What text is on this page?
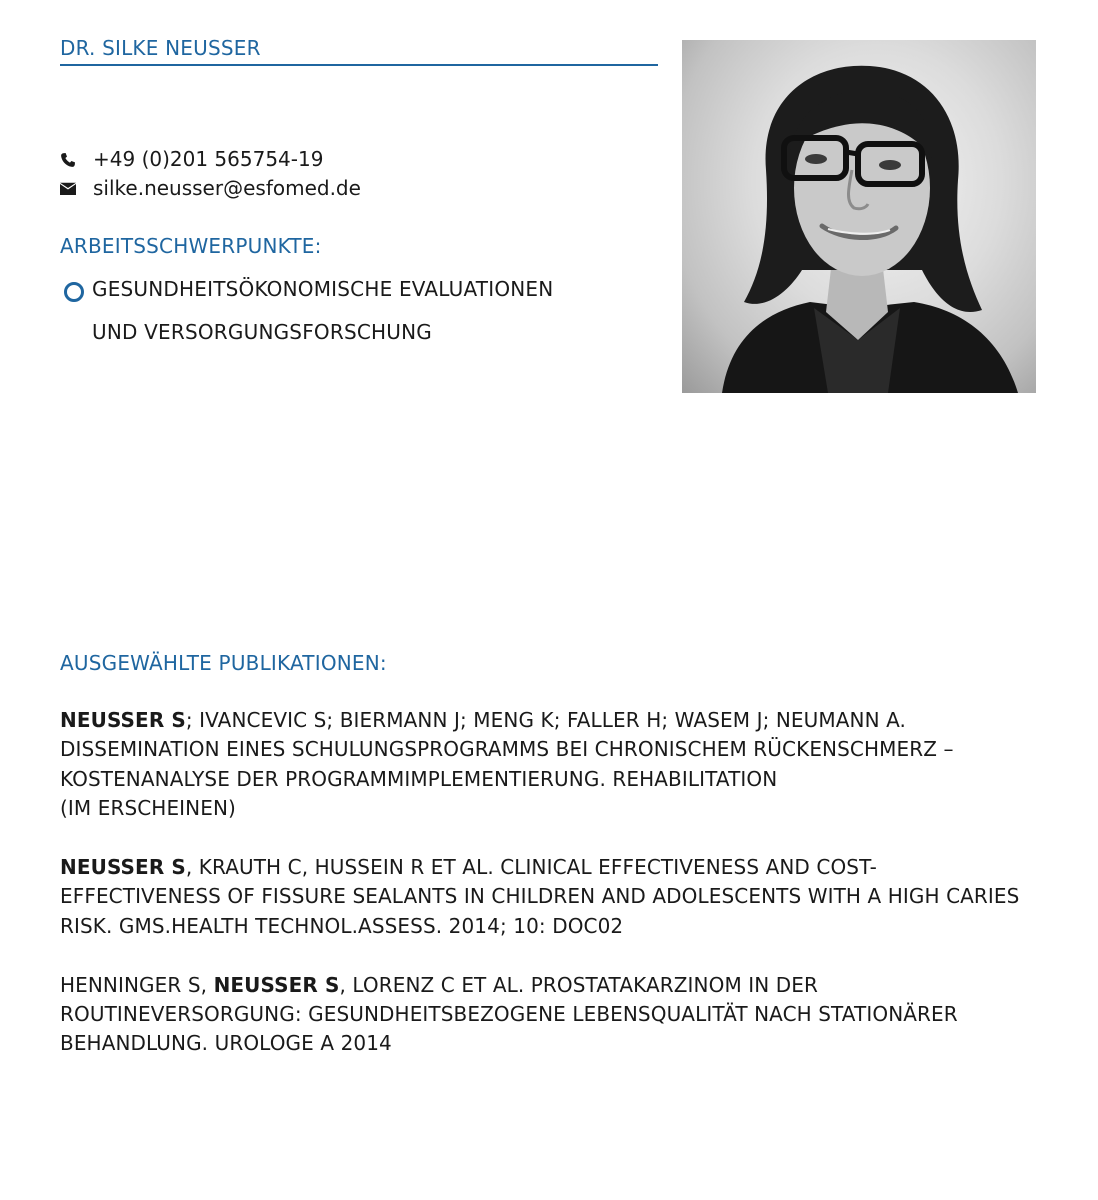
DR. SILKE NEUSSER
+49 (0)201 565754-19
silke.neusser@esfomed.de
ARBEITSSCHWERPUNKTE:
GESUNDHEITSÖKONOMISCHE EVALUATIONEN
UND VERSORGUNGSFORSCHUNG
AUSGEWÄHLTE PUBLIKATIONEN:
NEUSSER S; IVANCEVIC S; BIERMANN J; MENG K; FALLER H; WASEM J; NEUMANN A. DISSEMINATION EINES SCHULUNGSPROGRAMMS BEI CHRONISCHEM RÜCKENSCHMERZ – KOSTENANALYSE DER PROGRAMMIMPLEMENTIERUNG. REHABILITATION
(IM ERSCHEINEN)
NEUSSER S, KRAUTH C, HUSSEIN R ET AL. CLINICAL EFFECTIVENESS AND COST-EFFECTIVENESS OF FISSURE SEALANTS IN CHILDREN AND ADOLESCENTS WITH A HIGH CARIES RISK. GMS.HEALTH TECHNOL.ASSESS. 2014; 10: DOC02
HENNINGER S, NEUSSER S, LORENZ C ET AL. PROSTATAKARZINOM IN DER ROUTINEVERSORGUNG: GESUNDHEITSBEZOGENE LEBENSQUALITÄT NACH STATIONÄRER BEHANDLUNG. UROLOGE A 2014
